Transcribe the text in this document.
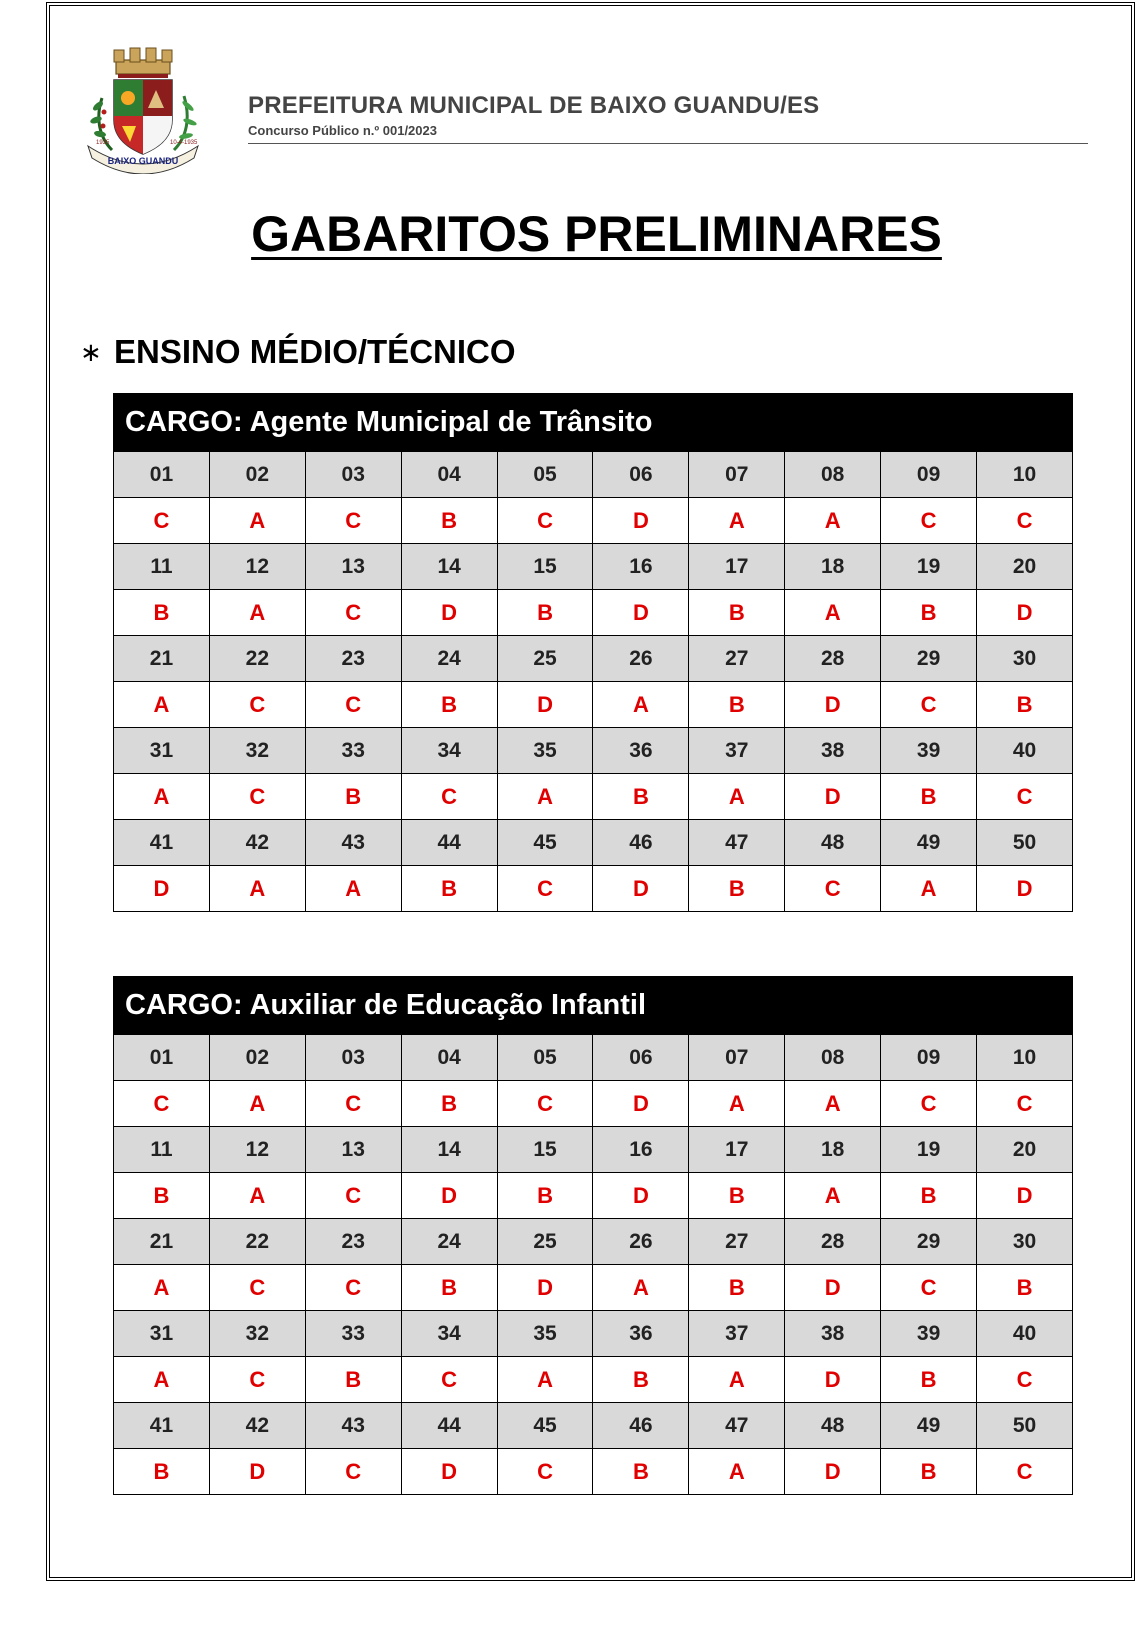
BAIXO GUANDU
1935	10-4-1935
PREFEITURA MUNICIPAL DE BAIXO GUANDU/ES
Concurso Público n.º 001/2023
GABARITOS PRELIMINARES
∗ ENSINO MÉDIO/TÉCNICO
CARGO: Agente Municipal de Trânsito
01	02	03	04	05	06	07	08	09	10
C	A	C	B	C	D	A	A	C	C
11	12	13	14	15	16	17	18	19	20
B	A	C	D	B	D	B	A	B	D
21	22	23	24	25	26	27	28	29	30
A	C	C	B	D	A	B	D	C	B
31	32	33	34	35	36	37	38	39	40
A	C	B	C	A	B	A	D	B	C
41	42	43	44	45	46	47	48	49	50
D	A	A	B	C	D	B	C	A	D
CARGO: Auxiliar de Educação Infantil
01	02	03	04	05	06	07	08	09	10
C	A	C	B	C	D	A	A	C	C
11	12	13	14	15	16	17	18	19	20
B	A	C	D	B	D	B	A	B	D
21	22	23	24	25	26	27	28	29	30
A	C	C	B	D	A	B	D	C	B
31	32	33	34	35	36	37	38	39	40
A	C	B	C	A	B	A	D	B	C
41	42	43	44	45	46	47	48	49	50
B	D	C	D	C	B	A	D	B	C
